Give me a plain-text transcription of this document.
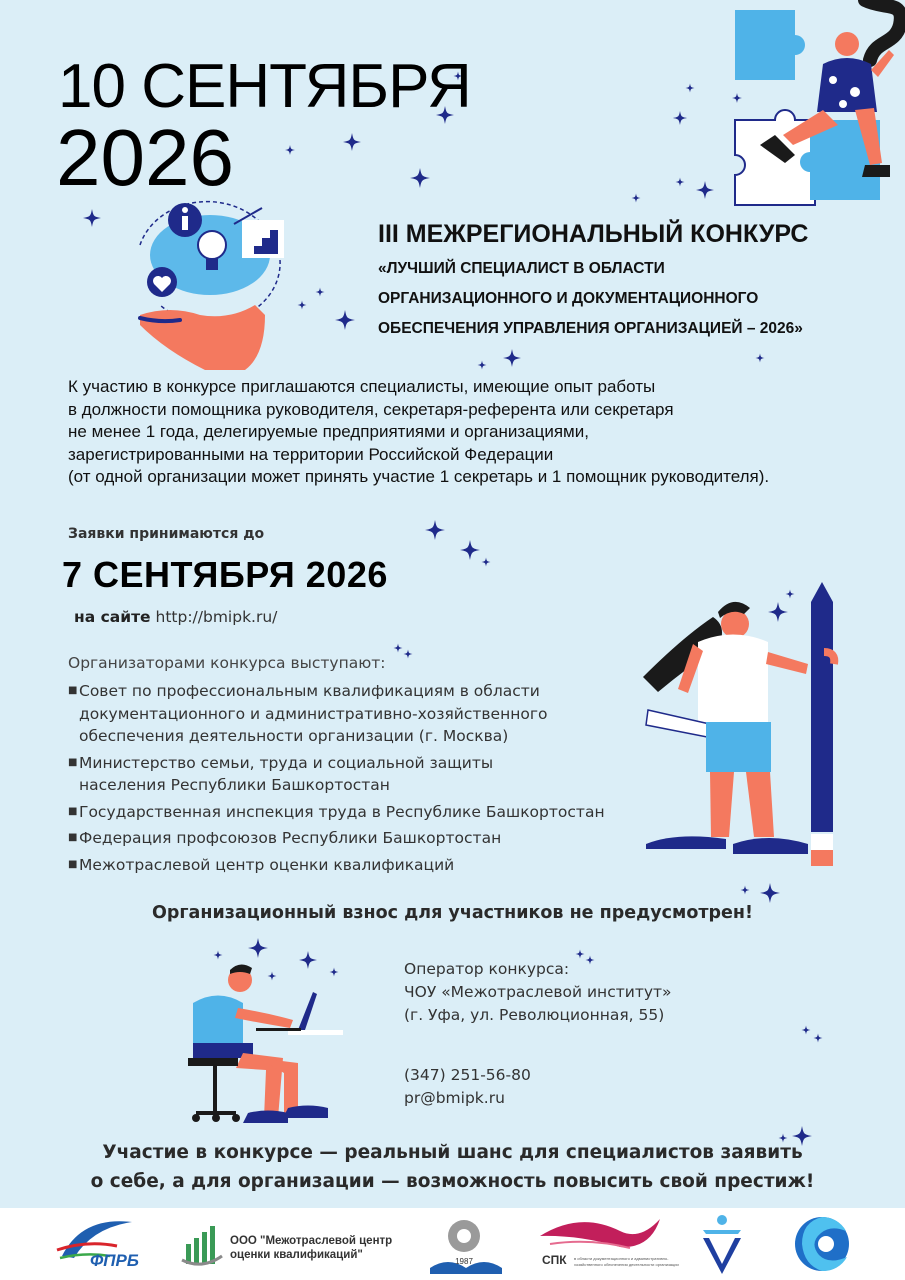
10 СЕНТЯБРЯ
2026
III МЕЖРЕГИОНАЛЬНЫЙ КОНКУРС
«ЛУЧШИЙ СПЕЦИАЛИСТ В ОБЛАСТИ
ОРГАНИЗАЦИОННОГО И ДОКУМЕНТАЦИОННОГО
ОБЕСПЕЧЕНИЯ УПРАВЛЕНИЯ ОРГАНИЗАЦИЕЙ – 2026»
К участию в конкурсе приглашаются специалисты, имеющие опыт работы
в должности помощника руководителя, секретаря-референта или секретаря
не менее 1 года, делегируемые предприятиями и организациями,
зарегистрированными на территории Российской Федерации
(от одной организации может принять участие 1 секретарь и 1 помощник руководителя).
Заявки принимаются до
7 СЕНТЯБРЯ 2026
на сайте http://bmipk.ru/
Организаторами конкурса выступают:
■ Совет по профессиональным квалификациям в области
документационного и административно-хозяйственного
обеспечения деятельности организации (г. Москва)
■ Министерство семьи, труда и социальной защиты
населения Республики Башкортостан
■ Государственная инспекция труда в Республике Башкортостан
■ Федерация профсоюзов Республики Башкортостан
■ Межотраслевой центр оценки квалификаций
Организационный взнос для участников не предусмотрен!
Оператор конкурса:
ЧОУ «Межотраслевой институт»
(г. Уфа, ул. Революционная, 55)
(347) 251-56-80
pr@bmipk.ru
Участие в конкурсе — реальный шанс для специалистов заявить
о себе, а для организации — возможность повысить свой престиж!
ФПРБ
ООО "Межотраслевой центр
оценки квалификаций"
1987	СПК в области документационного и административно-
хозяйственного обеспечения деятельности организации
